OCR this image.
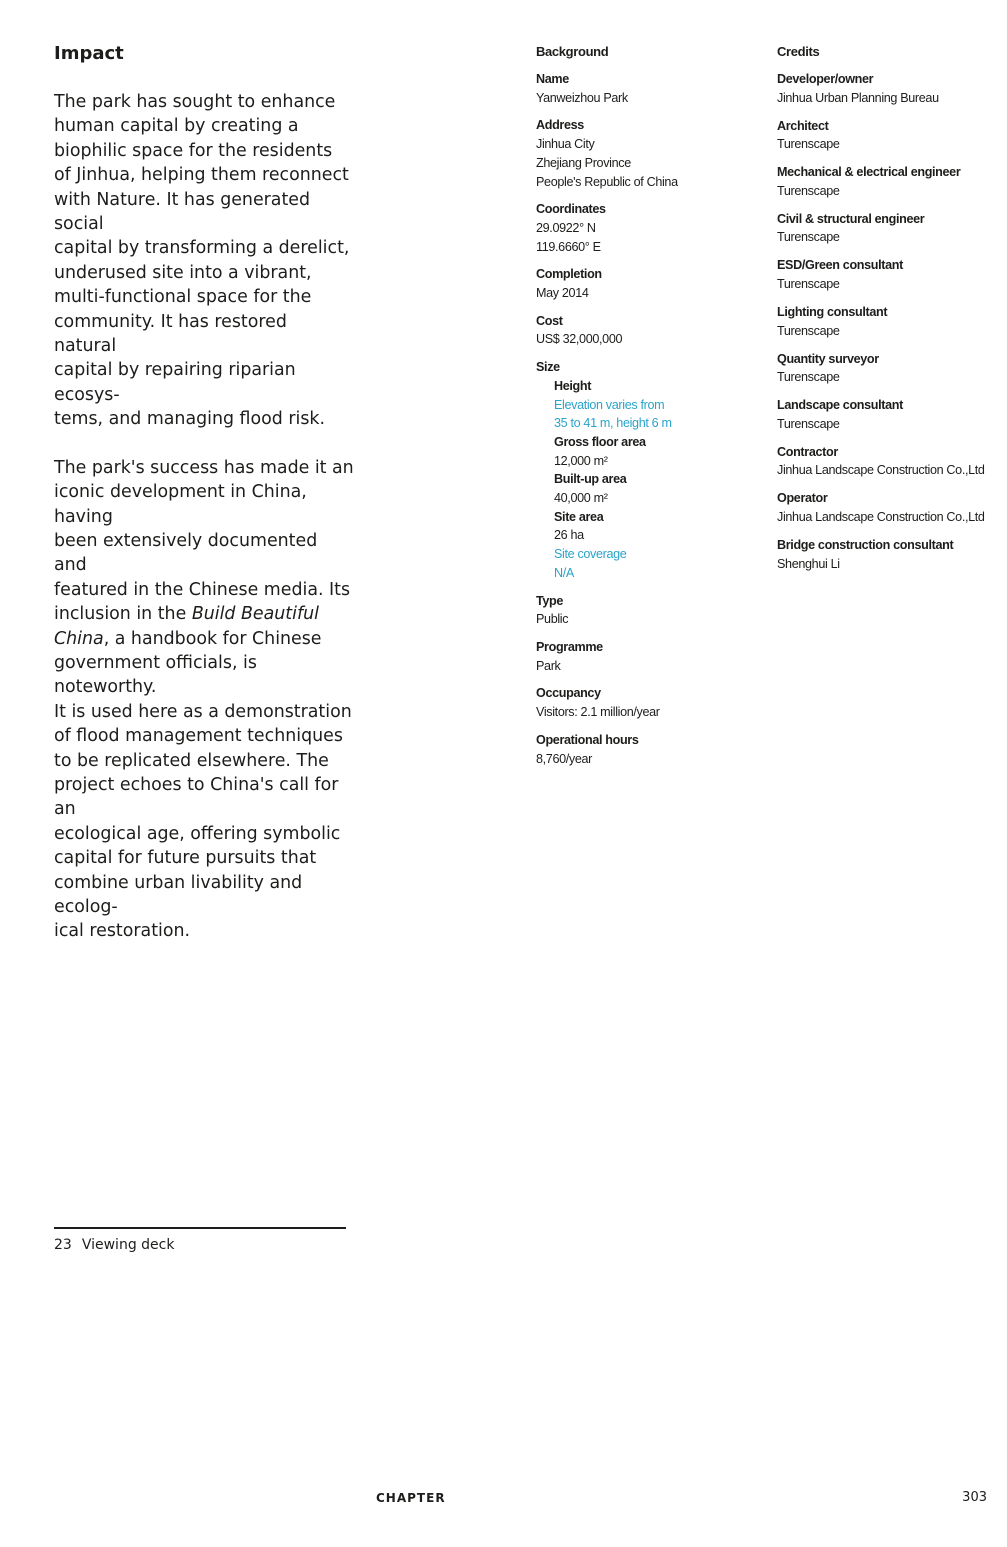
Impact

The park has sought to enhance
human capital by creating a
biophilic space for the residents
of Jinhua, helping them reconnect
with Nature. It has generated social
capital by transforming a derelict,
underused site into a vibrant,
multi-functional space for the
community. It has restored natural
capital by repairing riparian ecosys-
tems, and managing flood risk.

The park's success has made it an
iconic development in China, having
been extensively documented and
featured in the Chinese media. Its
inclusion in the Build Beautiful
China, a handbook for Chinese
government officials, is noteworthy.
It is used here as a demonstration
of flood management techniques
to be replicated elsewhere. The
project echoes to China's call for an
ecological age, offering symbolic
capital for future pursuits that
combine urban livability and ecolog-
ical restoration.

Background
Name
Yanweizhou Park
Address
Jinhua City
Zhejiang Province
People's Republic of China
Coordinates
29.0922° N
119.6660° E
Completion
May 2014
Cost
US$ 32,000,000
Size
Height
Elevation varies from
35 to 41 m, height 6 m
Gross floor area
12,000 m²
Built-up area
40,000 m²
Site area
26 ha
Site coverage
N/A
Type
Public
Programme
Park
Occupancy
Visitors: 2.1 million/year
Operational hours
8,760/year
Credits
Developer/owner
Jinhua Urban Planning Bureau
Architect
Turenscape
Mechanical & electrical engineer
Turenscape
Civil & structural engineer
Turenscape
ESD/Green consultant
Turenscape
Lighting consultant
Turenscape
Quantity surveyor
Turenscape
Landscape consultant
Turenscape
Contractor
Jinhua Landscape Construction Co.,Ltd
Operator
Jinhua Landscape Construction Co.,Ltd
Bridge construction consultant
Shenghui Li
23 Viewing deck
CHAPTER	303
